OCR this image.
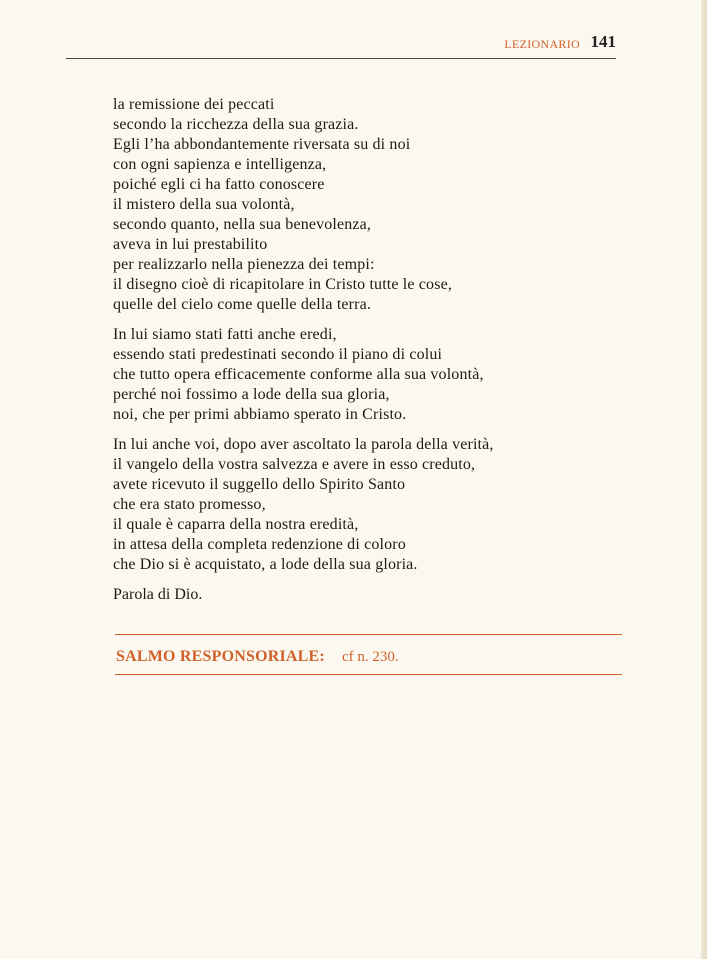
LEZIONARIO 141
la remissione dei peccati
secondo la ricchezza della sua grazia.
Egli l’ha abbondantemente riversata su di noi
con ogni sapienza e intelligenza,
poiché egli ci ha fatto conoscere
il mistero della sua volontà,
secondo quanto, nella sua benevolenza,
aveva in lui prestabilito
per realizzarlo nella pienezza dei tempi:
il disegno cioè di ricapitolare in Cristo tutte le cose,
quelle del cielo come quelle della terra.
In lui siamo stati fatti anche eredi,
essendo stati predestinati secondo il piano di colui
che tutto opera efficacemente conforme alla sua volontà,
perché noi fossimo a lode della sua gloria,
noi, che per primi abbiamo sperato in Cristo.
In lui anche voi, dopo aver ascoltato la parola della verità,
il vangelo della vostra salvezza e avere in esso creduto,
avete ricevuto il suggello dello Spirito Santo
che era stato promesso,
il quale è caparra della nostra eredità,
in attesa della completa redenzione di coloro
che Dio si è acquistato, a lode della sua gloria.
Parola di Dio.
SALMO RESPONSORIALE: cf n. 230.
